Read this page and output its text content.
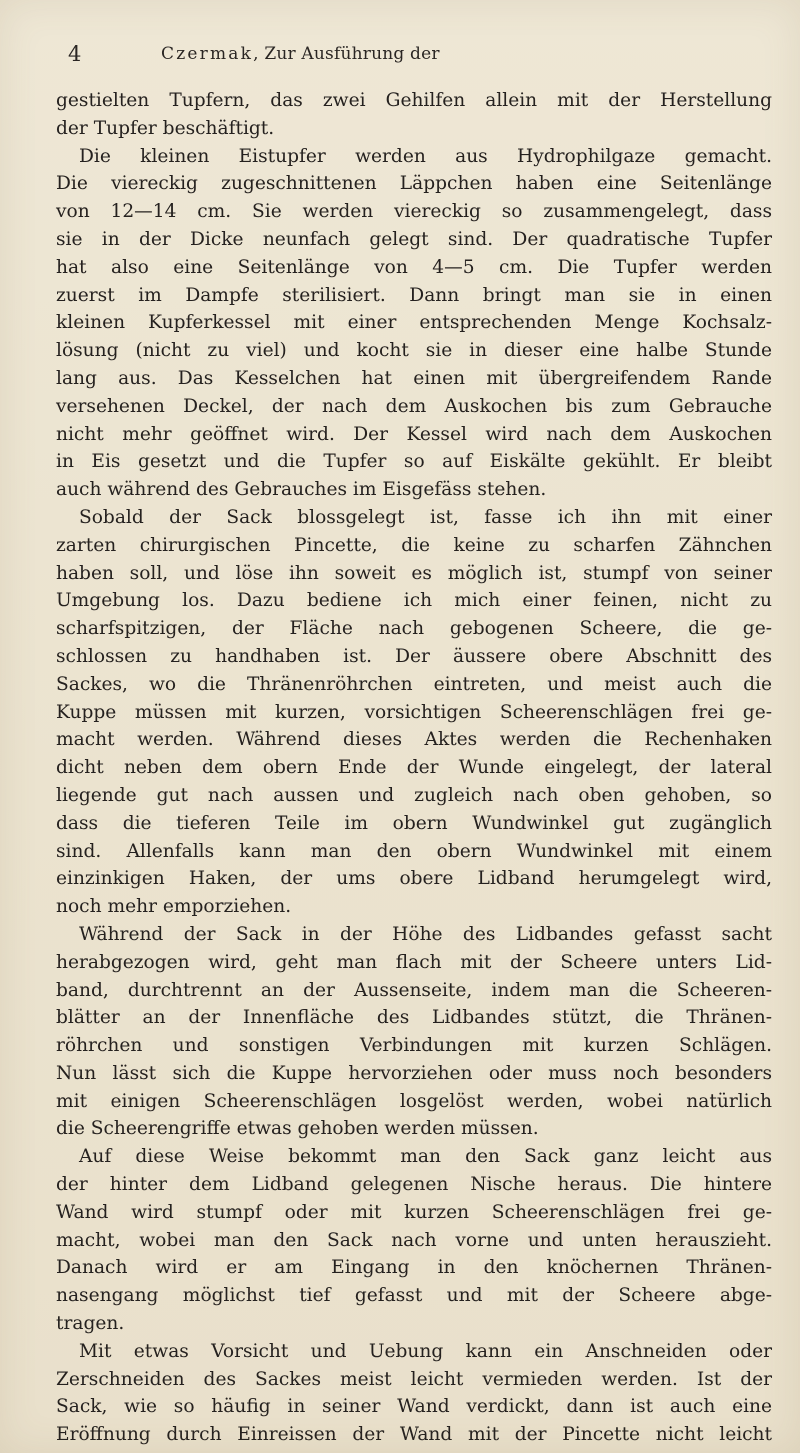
4	Czermak, Zur Ausführung der
gestielten Tupfern, das zwei Gehilfen allein mit der Herstellung
der Tupfer beschäftigt.
Die kleinen Eistupfer werden aus Hydrophilgaze gemacht.
Die viereckig zugeschnittenen Läppchen haben eine Seitenlänge
von 12—14 cm. Sie werden viereckig so zusammengelegt, dass
sie in der Dicke neunfach gelegt sind. Der quadratische Tupfer
hat also eine Seitenlänge von 4—5 cm. Die Tupfer werden
zuerst im Dampfe sterilisiert. Dann bringt man sie in einen
kleinen Kupferkessel mit einer entsprechenden Menge Kochsalz-
lösung (nicht zu viel) und kocht sie in dieser eine halbe Stunde
lang aus. Das Kesselchen hat einen mit übergreifendem Rande
versehenen Deckel, der nach dem Auskochen bis zum Gebrauche
nicht mehr geöffnet wird. Der Kessel wird nach dem Auskochen
in Eis gesetzt und die Tupfer so auf Eiskälte gekühlt. Er bleibt
auch während des Gebrauches im Eisgefäss stehen.
Sobald der Sack blossgelegt ist, fasse ich ihn mit einer
zarten chirurgischen Pincette, die keine zu scharfen Zähnchen
haben soll, und löse ihn soweit es möglich ist, stumpf von seiner
Umgebung los. Dazu bediene ich mich einer feinen, nicht zu
scharfspitzigen, der Fläche nach gebogenen Scheere, die ge-
schlossen zu handhaben ist. Der äussere obere Abschnitt des
Sackes, wo die Thränenröhrchen eintreten, und meist auch die
Kuppe müssen mit kurzen, vorsichtigen Scheerenschlägen frei ge-
macht werden. Während dieses Aktes werden die Rechenhaken
dicht neben dem obern Ende der Wunde eingelegt, der lateral
liegende gut nach aussen und zugleich nach oben gehoben, so
dass die tieferen Teile im obern Wundwinkel gut zugänglich
sind. Allenfalls kann man den obern Wundwinkel mit einem
einzinkigen Haken, der ums obere Lidband herumgelegt wird,
noch mehr emporziehen.
Während der Sack in der Höhe des Lidbandes gefasst sacht
herabgezogen wird, geht man flach mit der Scheere unters Lid-
band, durchtrennt an der Aussenseite, indem man die Scheeren-
blätter an der Innenfläche des Lidbandes stützt, die Thränen-
röhrchen und sonstigen Verbindungen mit kurzen Schlägen.
Nun lässt sich die Kuppe hervorziehen oder muss noch besonders
mit einigen Scheerenschlägen losgelöst werden, wobei natürlich
die Scheerengriffe etwas gehoben werden müssen.
Auf diese Weise bekommt man den Sack ganz leicht aus
der hinter dem Lidband gelegenen Nische heraus. Die hintere
Wand wird stumpf oder mit kurzen Scheerenschlägen frei ge-
macht, wobei man den Sack nach vorne und unten herauszieht.
Danach wird er am Eingang in den knöchernen Thränen-
nasengang möglichst tief gefasst und mit der Scheere abge-
tragen.
Mit etwas Vorsicht und Uebung kann ein Anschneiden oder
Zerschneiden des Sackes meist leicht vermieden werden. Ist der
Sack, wie so häufig in seiner Wand verdickt, dann ist auch eine
Eröffnung durch Einreissen der Wand mit der Pincette nicht leicht
